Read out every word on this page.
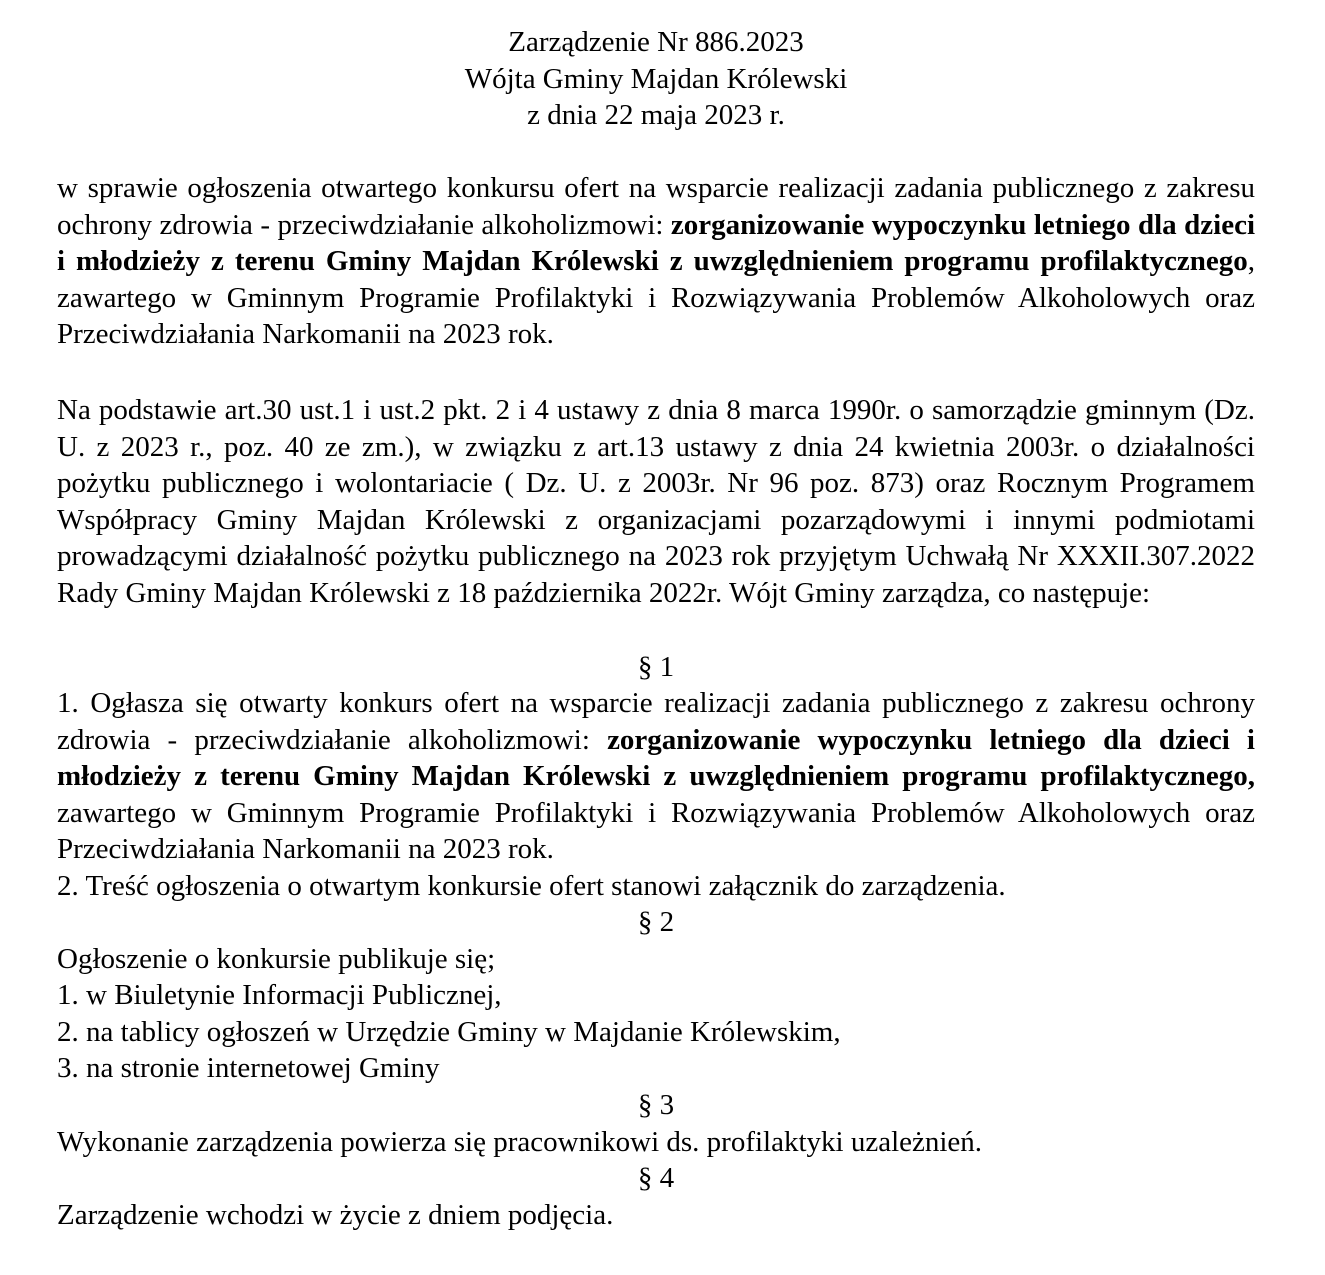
Zarządzenie Nr 886.2023
Wójta Gminy Majdan Królewski
z dnia 22 maja 2023 r.
w sprawie ogłoszenia otwartego konkursu ofert na wsparcie realizacji zadania publicznego z zakresu ochrony zdrowia - przeciwdziałanie alkoholizmowi: zorganizowanie wypoczynku letniego dla dzieci i młodzieży z terenu Gminy Majdan Królewski z uwzględnieniem programu profilaktycznego, zawartego w Gminnym Programie Profilaktyki i Rozwiązywania Problemów Alkoholowych oraz Przeciwdziałania Narkomanii na 2023 rok.
Na podstawie art.30 ust.1 i ust.2 pkt. 2 i 4 ustawy z dnia 8 marca 1990r. o samorządzie gminnym (Dz. U. z 2023 r., poz. 40 ze zm.), w związku z art.13 ustawy z dnia 24 kwietnia 2003r. o działalności pożytku publicznego i wolontariacie ( Dz. U. z 2003r. Nr 96 poz. 873) oraz Rocznym Programem Współpracy Gminy Majdan Królewski z organizacjami pozarządowymi i innymi podmiotami prowadzącymi działalność pożytku publicznego na 2023 rok przyjętym Uchwałą Nr XXXII.307.2022 Rady Gminy Majdan Królewski z 18 października 2022r. Wójt Gminy zarządza, co następuje:
§ 1
1. Ogłasza się otwarty konkurs ofert na wsparcie realizacji zadania publicznego z zakresu ochrony zdrowia - przeciwdziałanie alkoholizmowi: zorganizowanie wypoczynku letniego dla dzieci i młodzieży z terenu Gminy Majdan Królewski z uwzględnieniem programu profilaktycznego, zawartego w Gminnym Programie Profilaktyki i Rozwiązywania Problemów Alkoholowych oraz Przeciwdziałania Narkomanii na 2023 rok.
2. Treść ogłoszenia o otwartym konkursie ofert stanowi załącznik do zarządzenia.
§ 2
Ogłoszenie o konkursie publikuje się;
1. w Biuletynie Informacji Publicznej,
2. na tablicy ogłoszeń w Urzędzie Gminy w Majdanie Królewskim,
3. na stronie internetowej Gminy
§ 3
Wykonanie zarządzenia powierza się pracownikowi ds. profilaktyki uzależnień.
§ 4
Zarządzenie wchodzi w życie z dniem podjęcia.
